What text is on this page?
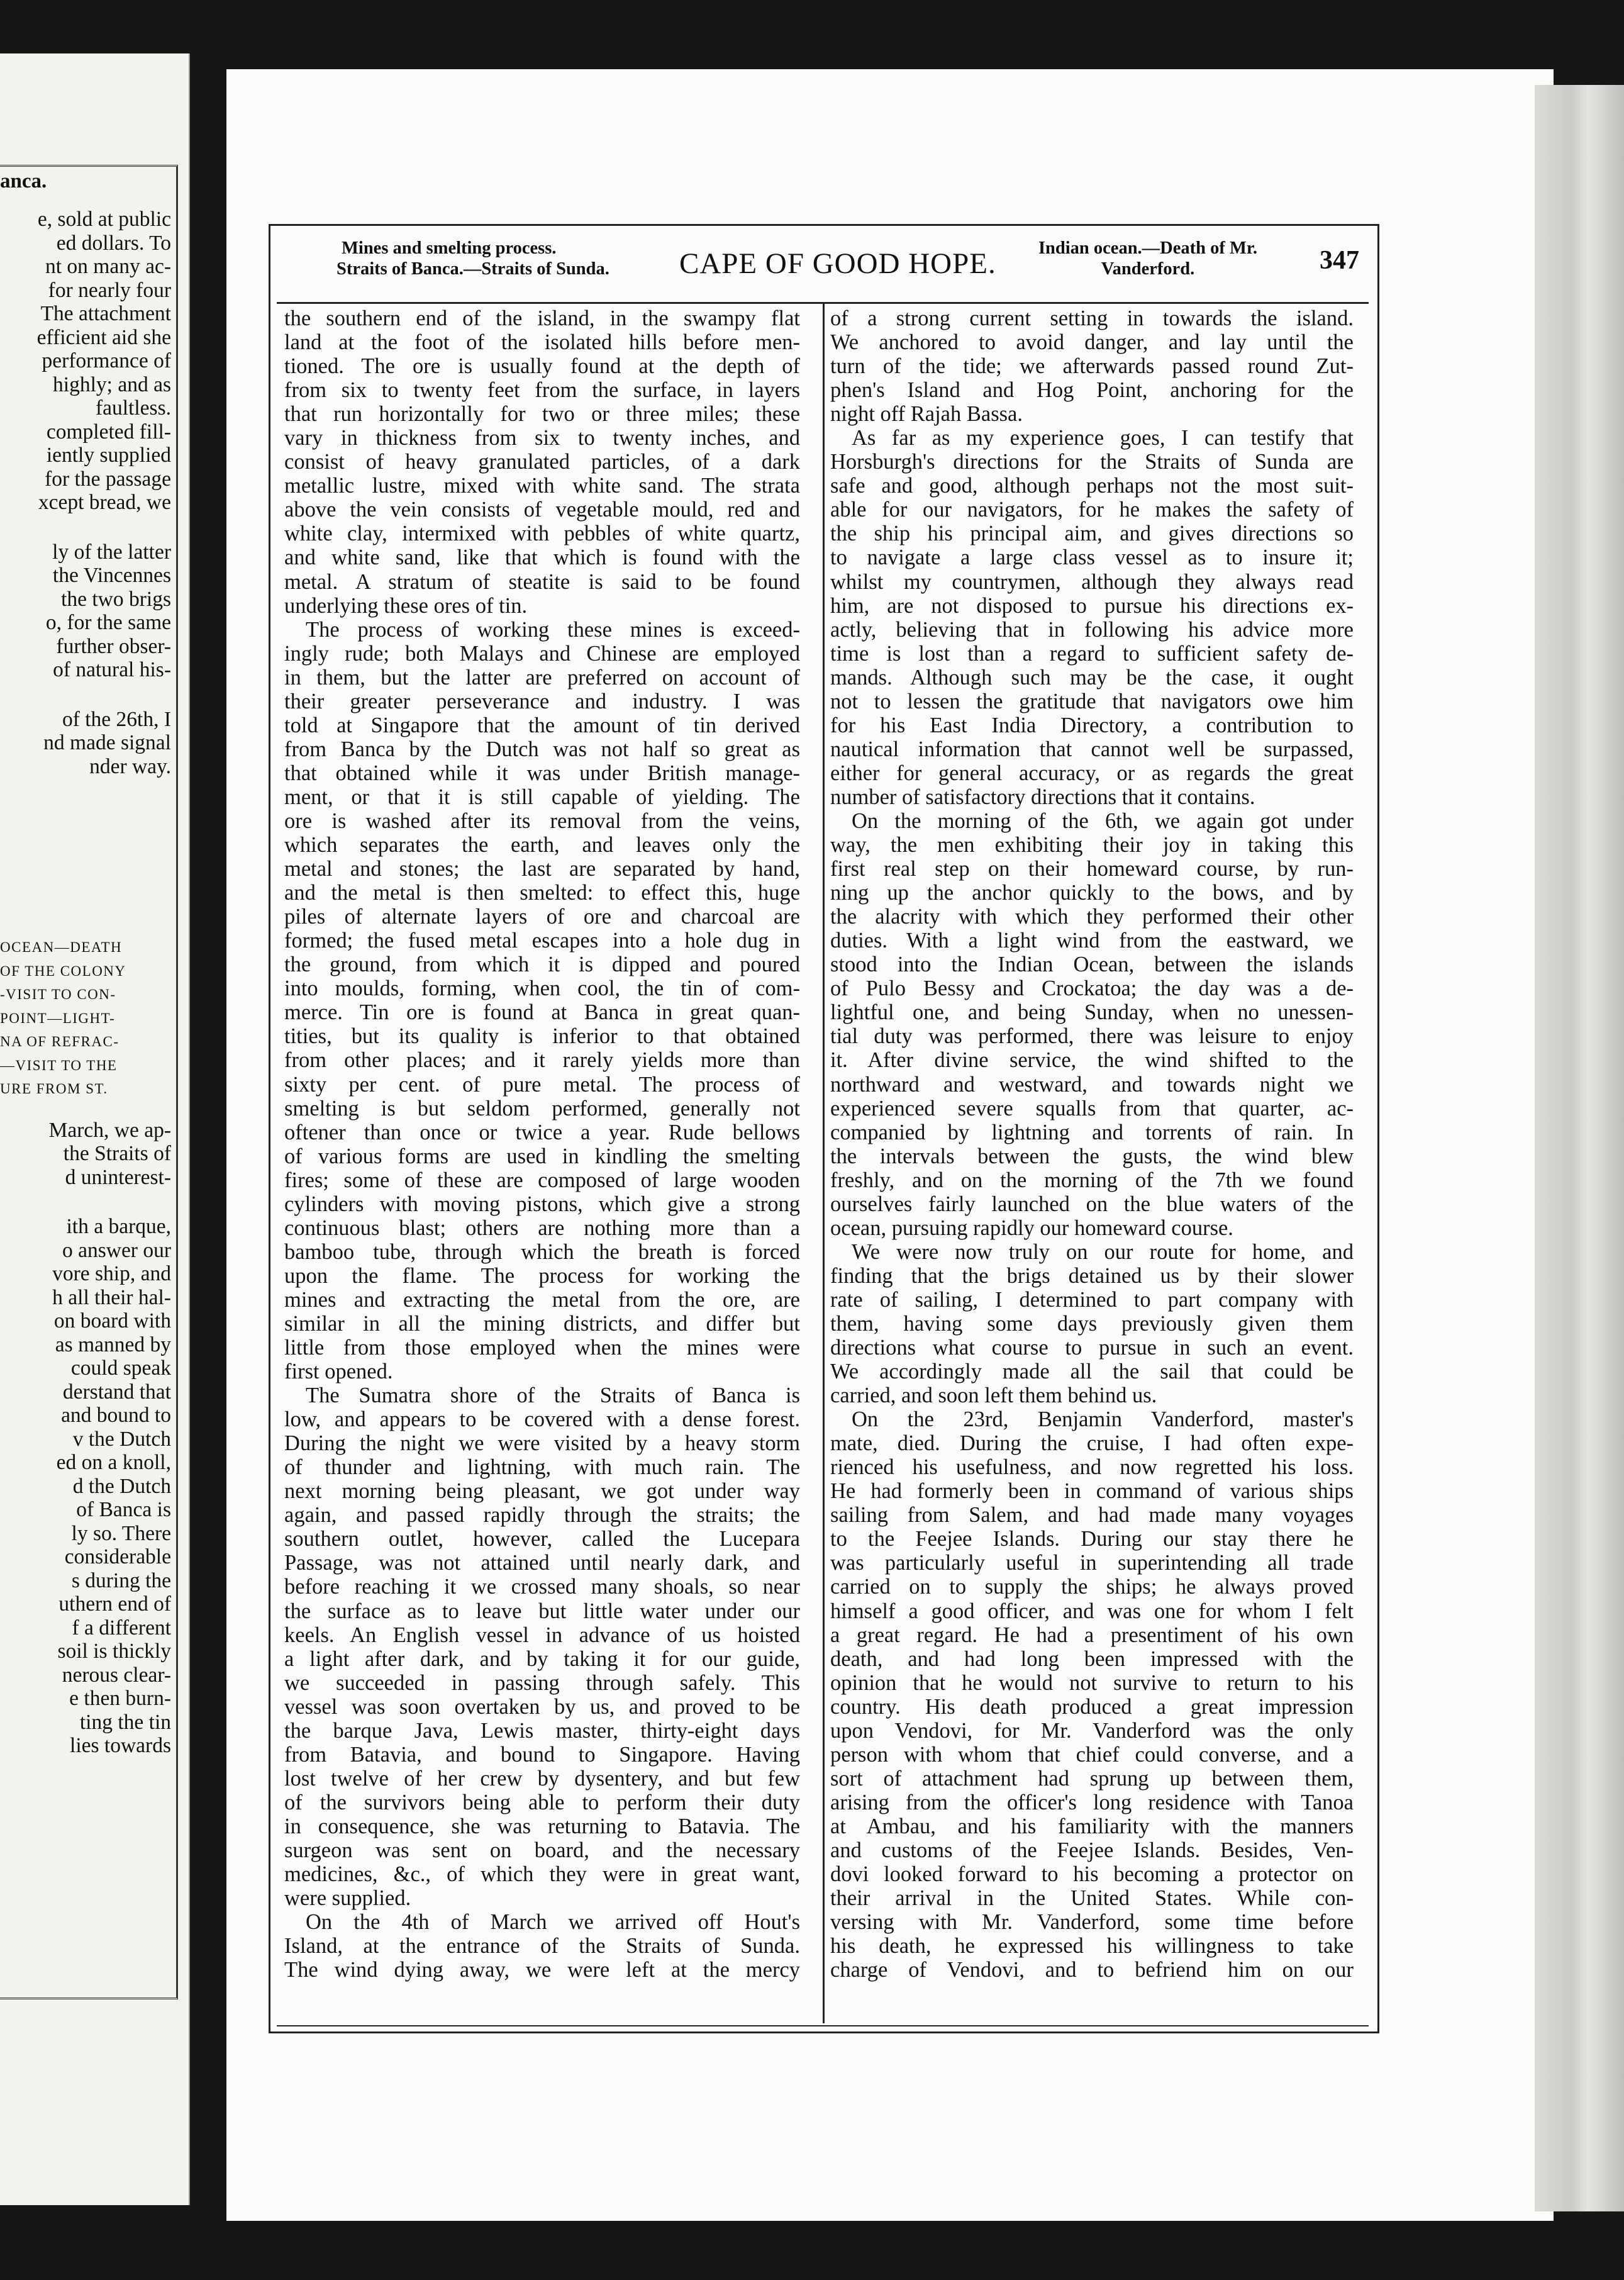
anca.
e, sold at public
ed dollars. To
nt on many ac-
for nearly four
The attachment
efficient aid she
performance of
highly; and as
faultless.
completed fill-
iently supplied
for the passage
xcept bread, we
ly of the latter
the Vincennes
the two brigs
o, for the same
further obser-
of natural his-
of the 26th, I
nd made signal
nder way.
OCEAN—DEATH
OF THE COLONY
-VISIT TO CON-
POINT—LIGHT-
NA OF REFRAC-
—VISIT TO THE
URE FROM ST.
March, we ap-
the Straits of
d uninterest-
ith a barque,
o answer our
vore ship, and
h all their hal-
on board with
as manned by
could speak
derstand that
and bound to
v the Dutch
ed on a knoll,
d the Dutch
of Banca is
ly so. There
considerable
s during the
uthern end of
f a different
soil is thickly
nerous clear-
e then burn-
ting the tin
lies towards
Mines and smelting process.
Straits of Banca.—Straits of Sunda. CAPE OF GOOD HOPE.	Indian ocean.—Death of Mr.
Vanderford.	347
the southern end of the island, in the swampy flat
land at the foot of the isolated hills before men-
tioned. The ore is usually found at the depth of
from six to twenty feet from the surface, in layers
that run horizontally for two or three miles; these
vary in thickness from six to twenty inches, and
consist of heavy granulated particles, of a dark
metallic lustre, mixed with white sand. The strata
above the vein consists of vegetable mould, red and
white clay, intermixed with pebbles of white quartz,
and white sand, like that which is found with the
metal. A stratum of steatite is said to be found
underlying these ores of tin.
The process of working these mines is exceed-
ingly rude; both Malays and Chinese are employed
in them, but the latter are preferred on account of
their greater perseverance and industry. I was
told at Singapore that the amount of tin derived
from Banca by the Dutch was not half so great as
that obtained while it was under British manage-
ment, or that it is still capable of yielding. The
ore is washed after its removal from the veins,
which separates the earth, and leaves only the
metal and stones; the last are separated by hand,
and the metal is then smelted: to effect this, huge
piles of alternate layers of ore and charcoal are
formed; the fused metal escapes into a hole dug in
the ground, from which it is dipped and poured
into moulds, forming, when cool, the tin of com-
merce. Tin ore is found at Banca in great quan-
tities, but its quality is inferior to that obtained
from other places; and it rarely yields more than
sixty per cent. of pure metal. The process of
smelting is but seldom performed, generally not
oftener than once or twice a year. Rude bellows
of various forms are used in kindling the smelting
fires; some of these are composed of large wooden
cylinders with moving pistons, which give a strong
continuous blast; others are nothing more than a
bamboo tube, through which the breath is forced
upon the flame. The process for working the
mines and extracting the metal from the ore, are
similar in all the mining districts, and differ but
little from those employed when the mines were
first opened.
The Sumatra shore of the Straits of Banca is
low, and appears to be covered with a dense forest.
During the night we were visited by a heavy storm
of thunder and lightning, with much rain. The
next morning being pleasant, we got under way
again, and passed rapidly through the straits; the
southern outlet, however, called the Lucepara
Passage, was not attained until nearly dark, and
before reaching it we crossed many shoals, so near
the surface as to leave but little water under our
keels. An English vessel in advance of us hoisted
a light after dark, and by taking it for our guide,
we succeeded in passing through safely. This
vessel was soon overtaken by us, and proved to be
the barque Java, Lewis master, thirty-eight days
from Batavia, and bound to Singapore. Having
lost twelve of her crew by dysentery, and but few
of the survivors being able to perform their duty
in consequence, she was returning to Batavia. The
surgeon was sent on board, and the necessary
medicines, &c., of which they were in great want,
were supplied.
On the 4th of March we arrived off Hout's
Island, at the entrance of the Straits of Sunda.
The wind dying away, we were left at the mercy
of a strong current setting in towards the island.
We anchored to avoid danger, and lay until the
turn of the tide; we afterwards passed round Zut-
phen's Island and Hog Point, anchoring for the
night off Rajah Bassa.
As far as my experience goes, I can testify that
Horsburgh's directions for the Straits of Sunda are
safe and good, although perhaps not the most suit-
able for our navigators, for he makes the safety of
the ship his principal aim, and gives directions so
to navigate a large class vessel as to insure it;
whilst my countrymen, although they always read
him, are not disposed to pursue his directions ex-
actly, believing that in following his advice more
time is lost than a regard to sufficient safety de-
mands. Although such may be the case, it ought
not to lessen the gratitude that navigators owe him
for his East India Directory, a contribution to
nautical information that cannot well be surpassed,
either for general accuracy, or as regards the great
number of satisfactory directions that it contains.
On the morning of the 6th, we again got under
way, the men exhibiting their joy in taking this
first real step on their homeward course, by run-
ning up the anchor quickly to the bows, and by
the alacrity with which they performed their other
duties. With a light wind from the eastward, we
stood into the Indian Ocean, between the islands
of Pulo Bessy and Crockatoa; the day was a de-
lightful one, and being Sunday, when no unessen-
tial duty was performed, there was leisure to enjoy
it. After divine service, the wind shifted to the
northward and westward, and towards night we
experienced severe squalls from that quarter, ac-
companied by lightning and torrents of rain. In
the intervals between the gusts, the wind blew
freshly, and on the morning of the 7th we found
ourselves fairly launched on the blue waters of the
ocean, pursuing rapidly our homeward course.
We were now truly on our route for home, and
finding that the brigs detained us by their slower
rate of sailing, I determined to part company with
them, having some days previously given them
directions what course to pursue in such an event.
We accordingly made all the sail that could be
carried, and soon left them behind us.
On the 23rd, Benjamin Vanderford, master's
mate, died. During the cruise, I had often expe-
rienced his usefulness, and now regretted his loss.
He had formerly been in command of various ships
sailing from Salem, and had made many voyages
to the Feejee Islands. During our stay there he
was particularly useful in superintending all trade
carried on to supply the ships; he always proved
himself a good officer, and was one for whom I felt
a great regard. He had a presentiment of his own
death, and had long been impressed with the
opinion that he would not survive to return to his
country. His death produced a great impression
upon Vendovi, for Mr. Vanderford was the only
person with whom that chief could converse, and a
sort of attachment had sprung up between them,
arising from the officer's long residence with Tanoa
at Ambau, and his familiarity with the manners
and customs of the Feejee Islands. Besides, Ven-
dovi looked forward to his becoming a protector on
their arrival in the United States. While con-
versing with Mr. Vanderford, some time before
his death, he expressed his willingness to take
charge of Vendovi, and to befriend him on our
